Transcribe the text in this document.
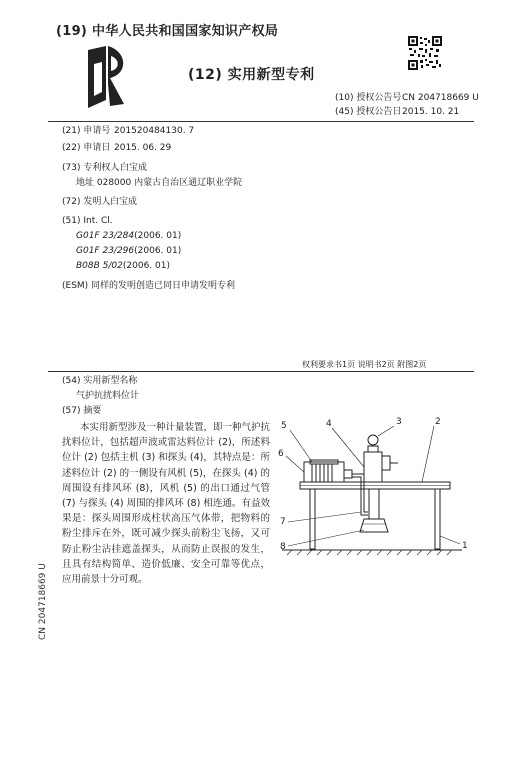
(19) 中华人民共和国国家知识产权局
(12) 实用新型专利
(10) 授权公告号 CN 204718669 U
(45) 授权公告日 2015. 10. 21
(21) 申请号 201520484130. 7
(22) 申请日 2015. 06. 29
(73) 专利权人 白宝成
地址 028000 内蒙古自治区通辽职业学院
(72) 发明人 白宝成
(51) Int. Cl.
G01F 23/284(2006. 01)
G01F 23/296(2006. 01)
B08B 5/02(2006. 01)
(ESM) 同样的发明创造已同日申请发明专利
权利要求书1页 说明书2页 附图2页
(54) 实用新型名称
气护抗扰料位计
(57) 摘要
本实用新型涉及一种计量装置，即一种气护抗扰料位计，包括超声波或雷达料位计 (2)，所述料位计 (2) 包括主机 (3) 和探头 (4)，其特点是：所述料位计 (2) 的一侧设有风机 (5)，在探头 (4) 的周围设有排风环 (8)，风机 (5) 的出口通过气管 (7) 与探头 (4) 周围的排风环 (8) 相连通。有益效果是：探头周围形成柱状高压气体带，把物料的粉尘排斥在外，既可减少探头前粉尘飞扬，又可防止粉尘沾挂遮盖探头，从而防止误报的发生，且具有结构简单、造价低廉、安全可靠等优点，应用前景十分可观。
5	4	3	2
6
7
8	1
CN 204718669 U
